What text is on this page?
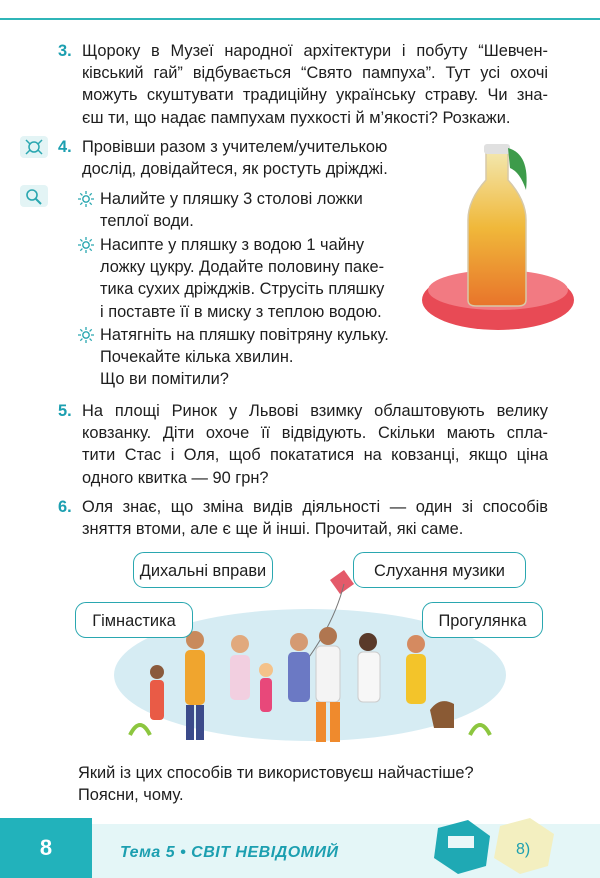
3. Щороку в Музеї народної архітектури і побуту “Шевчен-
ківський гай” відбувається “Свято пампуха”. Тут усі охочі
можуть скуштувати традиційну українську страву. Чи зна-
єш ти, що надає пампухам пухкості й м’якості? Розкажи.
4. Провівши разом з учителем/учителькою
дослід, довідайтеся, як ростуть дріжджі.
Налийте у пляшку 3 столові ложки
теплої води.
Насипте у пляшку з водою 1 чайну
ложку цукру. Додайте половину паке-
тика сухих дріжджів. Струсіть пляшку
і поставте її в миску з теплою водою.
Натягніть на пляшку повітряну кульку.
Почекайте кілька хвилин.
Що ви помітили?
5. На площі Ринок у Львові взимку облаштовують велику
ковзанку. Діти охоче її відвідують. Скільки мають спла-
тити Стас і Оля, щоб покататися на ковзанці, якщо ціна
одного квитка — 90 грн?
6. Оля знає, що зміна видів діяльності — один зі способів
зняття втоми, але є ще й інші. Прочитай, які саме.
Дихальні вправи	Слухання музики
Гімнастика	Прогулянка
Який із цих способів ти використовуєш найчастіше?
Поясни, чому.
8	Тема 5 • СВІТ НЕВІДОМИЙ	8)
